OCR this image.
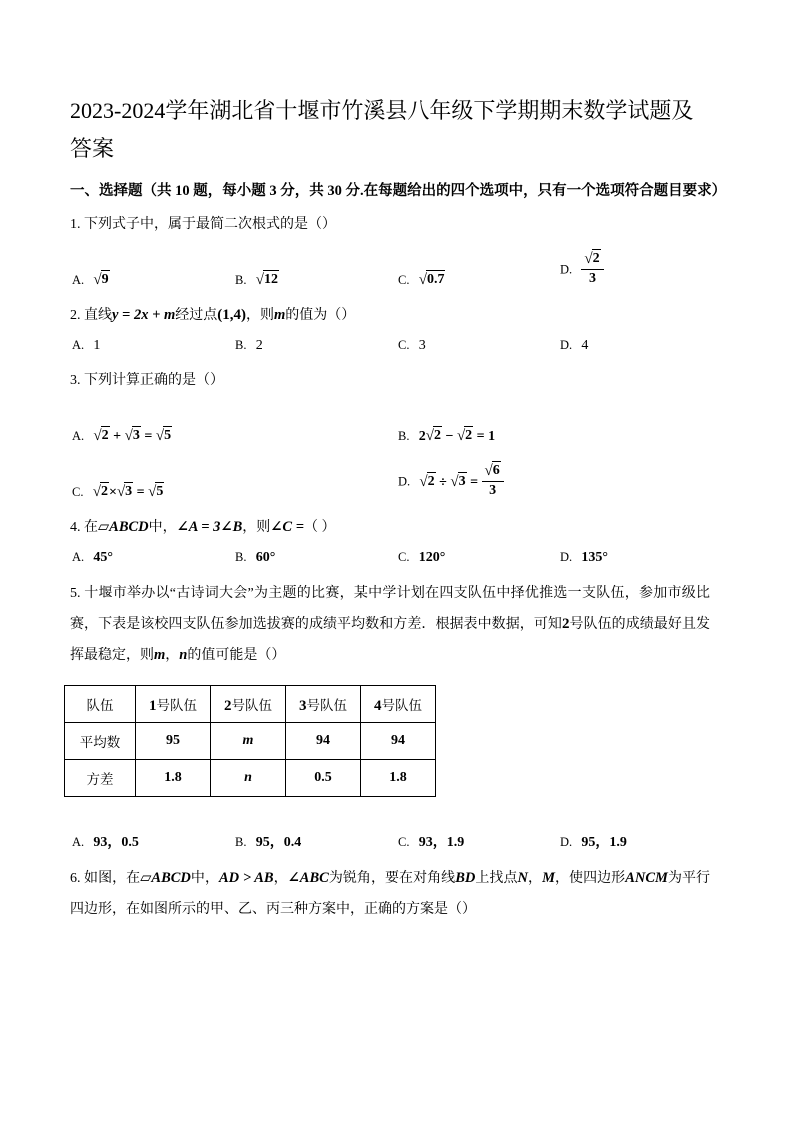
2023-2024学年湖北省十堰市竹溪县八年级下学期期末数学试题及答案
一、选择题（共 10 题，每小题 3 分，共 30 分.在每题给出的四个选项中，只有一个选项符合题目要求）
1. 下列式子中，属于最简二次根式的是（）
A. √9	B. √12	C. √0.7
D. $\frac{√2}{3}$
2. 直线y = 2x + m经过点(1,4)，则m的值为（）
A. 1	B. 2	C. 3	D. 4
3. 下列计算正确的是（）
A. √2 + √3 = √5	B. 2√2 − √2 = 1
C. √2×√3 = √5
D. $√2 \div √3 = \frac{√6}{3}$
4. 在▱ABCD中，∠A = 3∠B，则∠C =（ ）
A. 45°	B. 60°	C. 120°	D. 135°
5. 十堰市举办以“古诗词大会”为主题的比赛，某中学计划在四支队伍中择优推选一支队伍，参加市级比赛，下表是该校四支队伍参加选拔赛的成绩平均数和方差．根据表中数据，可知2号队伍的成绩最好且发挥最稳定，则m，n的值可能是（）
队伍	1号队伍	2号队伍	3号队伍	4号队伍
平均数	95	m	94	94
方差	1.8	n	0.5	1.8
A. 93，0.5	B. 95，0.4	C. 93，1.9	D. 95，1.9
6. 如图，在▱ABCD中，AD > AB，∠ABC为锐角，要在对角线BD上找点N，M，使四边形ANCM为平行四边形，在如图所示的甲、乙、丙三种方案中，正确的方案是（）
